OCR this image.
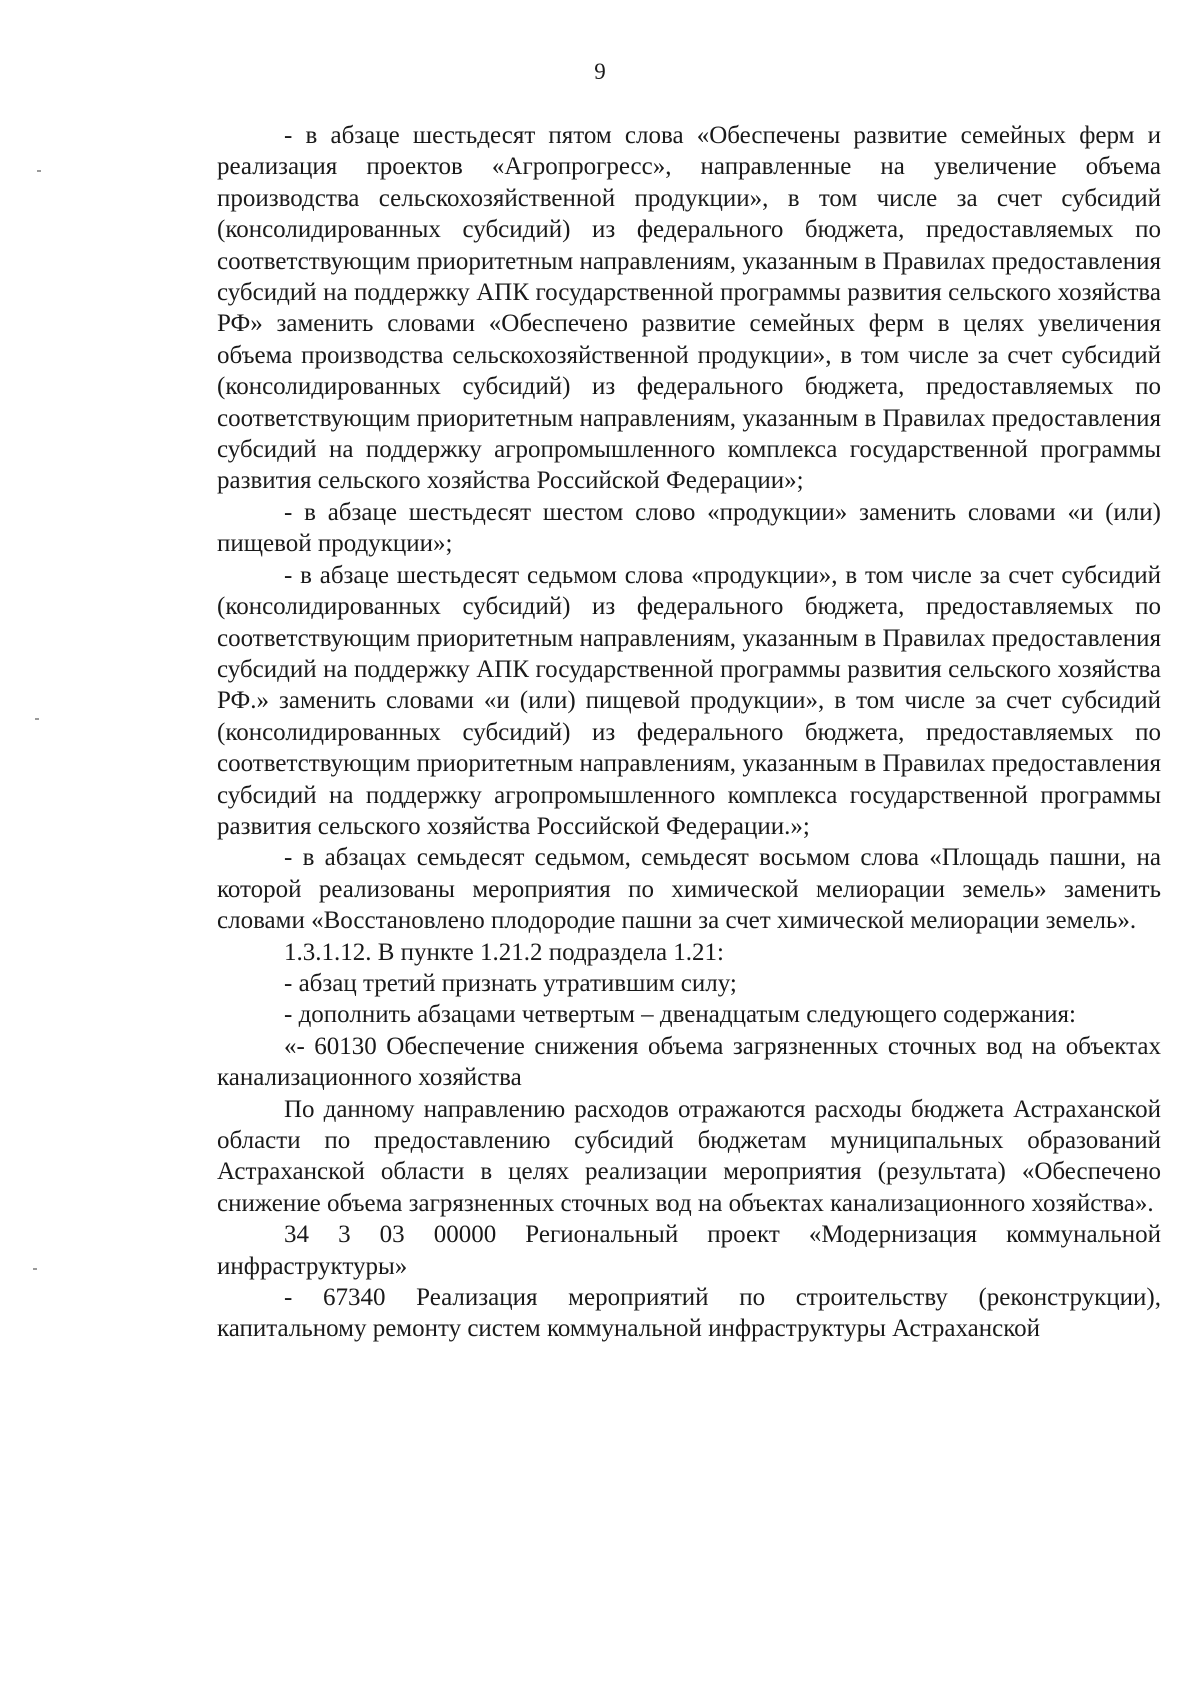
9

- в абзаце шестьдесят пятом слова «Обеспечены развитие семейных ферм и реализация проектов «Агропрогресс», направленные на увеличение объема производства сельскохозяйственной продукции», в том числе за счет субсидий (консолидированных субсидий) из федерального бюджета, предоставляемых по соответствующим приоритетным направлениям, указанным в Правилах предоставления субсидий на поддержку АПК государственной программы развития сельского хозяйства РФ» заменить словами «Обеспечено развитие семейных ферм в целях увеличения объема производства сельскохозяйственной продукции», в том числе за счет субсидий (консолидированных субсидий) из федерального бюджета, предоставляемых по соответствующим приоритетным направлениям, указанным в Правилах предоставления субсидий на поддержку агропромышленного комплекса государственной программы развития сельского хозяйства Российской Федерации»;

- в абзаце шестьдесят шестом слово «продукции» заменить словами «и (или) пищевой продукции»;

- в абзаце шестьдесят седьмом слова «продукции», в том числе за счет субсидий (консолидированных субсидий) из федерального бюджета, предоставляемых по соответствующим приоритетным направлениям, указанным в Правилах предоставления субсидий на поддержку АПК государственной программы развития сельского хозяйства РФ.» заменить словами «и (или) пищевой продукции», в том числе за счет субсидий (консолидированных субсидий) из федерального бюджета, предоставляемых по соответствующим приоритетным направлениям, указанным в Правилах предоставления субсидий на поддержку агропромышленного комплекса государственной программы развития сельского хозяйства Российской Федерации.»;

- в абзацах семьдесят седьмом, семьдесят восьмом слова «Площадь пашни, на которой реализованы мероприятия по химической мелиорации земель» заменить словами «Восстановлено плодородие пашни за счет химической мелиорации земель».

1.3.1.12. В пункте 1.21.2 подраздела 1.21:

- абзац третий признать утратившим силу;

- дополнить абзацами четвертым – двенадцатым следующего содержания:

«- 60130 Обеспечение снижения объема загрязненных сточных вод на объектах канализационного хозяйства

По данному направлению расходов отражаются расходы бюджета Астраханской области по предоставлению субсидий бюджетам муниципальных образований Астраханской области в целях реализации мероприятия (результата) «Обеспечено снижение объема загрязненных сточных вод на объектах канализационного хозяйства».

34 3 03 00000 Региональный проект «Модернизация коммунальной инфраструктуры»

- 67340 Реализация мероприятий по строительству (реконструкции), капитальному ремонту систем коммунальной инфраструктуры Астраханской
